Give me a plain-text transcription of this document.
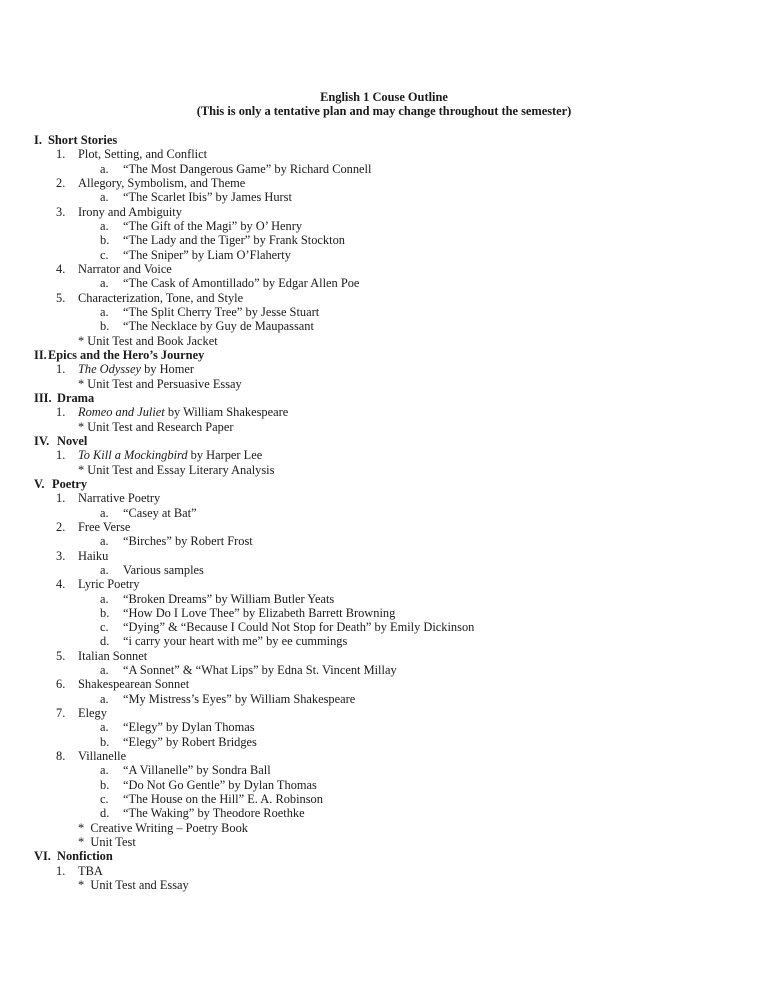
English 1 Couse Outline
(This is only a tentative plan and may change throughout the semester)
I. Short Stories
1. Plot, Setting, and Conflict
a. “The Most Dangerous Game” by Richard Connell
2. Allegory, Symbolism, and Theme
a. “The Scarlet Ibis” by James Hurst
3. Irony and Ambiguity
a. “The Gift of the Magi” by O’ Henry
b. “The Lady and the Tiger” by Frank Stockton
c. “The Sniper” by Liam O’Flaherty
4. Narrator and Voice
a. “The Cask of Amontillado” by Edgar Allen Poe
5. Characterization, Tone, and Style
a. “The Split Cherry Tree” by Jesse Stuart
b. “The Necklace by Guy de Maupassant
* Unit Test and Book Jacket
II. Epics and the Hero’s Journey
1. The Odyssey by Homer
* Unit Test and Persuasive Essay
III. Drama
1. Romeo and Juliet by William Shakespeare
* Unit Test and Research Paper
IV. Novel
1. To Kill a Mockingbird by Harper Lee
* Unit Test and Essay Literary Analysis
V. Poetry
1. Narrative Poetry
a. “Casey at Bat”
2. Free Verse
a. “Birches” by Robert Frost
3. Haiku
a. Various samples
4. Lyric Poetry
a. “Broken Dreams” by William Butler Yeats
b. “How Do I Love Thee” by Elizabeth Barrett Browning
c. “Dying” & “Because I Could Not Stop for Death” by Emily Dickinson
d. “i carry your heart with me” by ee cummings
5. Italian Sonnet
a. “A Sonnet” & “What Lips” by Edna St. Vincent Millay
6. Shakespearean Sonnet
a. “My Mistress’s Eyes” by William Shakespeare
7. Elegy
a. “Elegy” by Dylan Thomas
b. “Elegy” by Robert Bridges
8. Villanelle
a. “A Villanelle” by Sondra Ball
b. “Do Not Go Gentle” by Dylan Thomas
c. “The House on the Hill” E. A. Robinson
d. “The Waking” by Theodore Roethke
*  Creative Writing – Poetry Book
*  Unit Test
VI. Nonfiction
1. TBA
*  Unit Test and Essay
